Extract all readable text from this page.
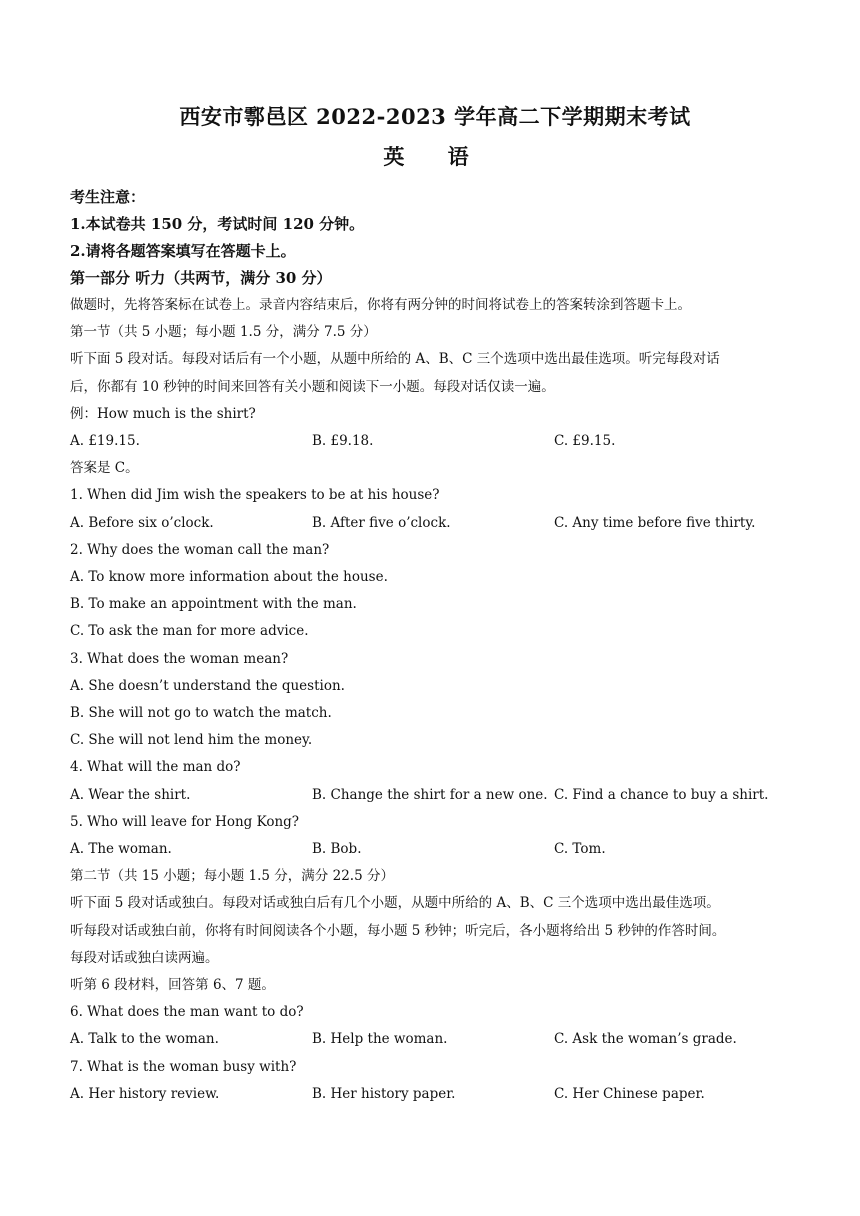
西安市鄠邑区 2022-2023 学年高二下学期期末考试

英 语

考生注意：

1.本试卷共 150 分，考试时间 120 分钟。

2.请将各题答案填写在答题卡上。

第一部分 听力（共两节，满分 30 分）

做题时，先将答案标在试卷上。录音内容结束后，你将有两分钟的时间将试卷上的答案转涂到答题卡上。

第一节（共 5 小题；每小题 1.5 分，满分 7.5 分）

听下面 5 段对话。每段对话后有一个小题，从题中所给的 A、B、C 三个选项中选出最佳选项。听完每段对话

后，你都有 10 秒钟的时间来回答有关小题和阅读下一小题。每段对话仅读一遍。

例：How much is the shirt?

A. £19.15.	B. £9.18.	C. £9.15.

答案是 C。

1. When did Jim wish the speakers to be at his house?

A. Before six o’clock.	B. After five o’clock.	C. Any time before five thirty.

2. Why does the woman call the man?

A. To know more information about the house.

B. To make an appointment with the man.

C. To ask the man for more advice.

3. What does the woman mean?

A. She doesn’t understand the question.

B. She will not go to watch the match.

C. She will not lend him the money.

4. What will the man do?

A. Wear the shirt.	B. Change the shirt for a new one. C. Find a chance to buy a shirt.

5. Who will leave for Hong Kong?

A. The woman.	B. Bob.	C. Tom.

第二节（共 15 小题；每小题 1.5 分，满分 22.5 分）

听下面 5 段对话或独白。每段对话或独白后有几个小题，从题中所给的 A、B、C 三个选项中选出最佳选项。

听每段对话或独白前，你将有时间阅读各个小题，每小题 5 秒钟；听完后，各小题将给出 5 秒钟的作答时间。

每段对话或独白读两遍。

听第 6 段材料，回答第 6、7 题。

6. What does the man want to do?

A. Talk to the woman.	B. Help the woman.	C. Ask the woman’s grade.

7. What is the woman busy with?

A. Her history review.	B. Her history paper.	C. Her Chinese paper.
